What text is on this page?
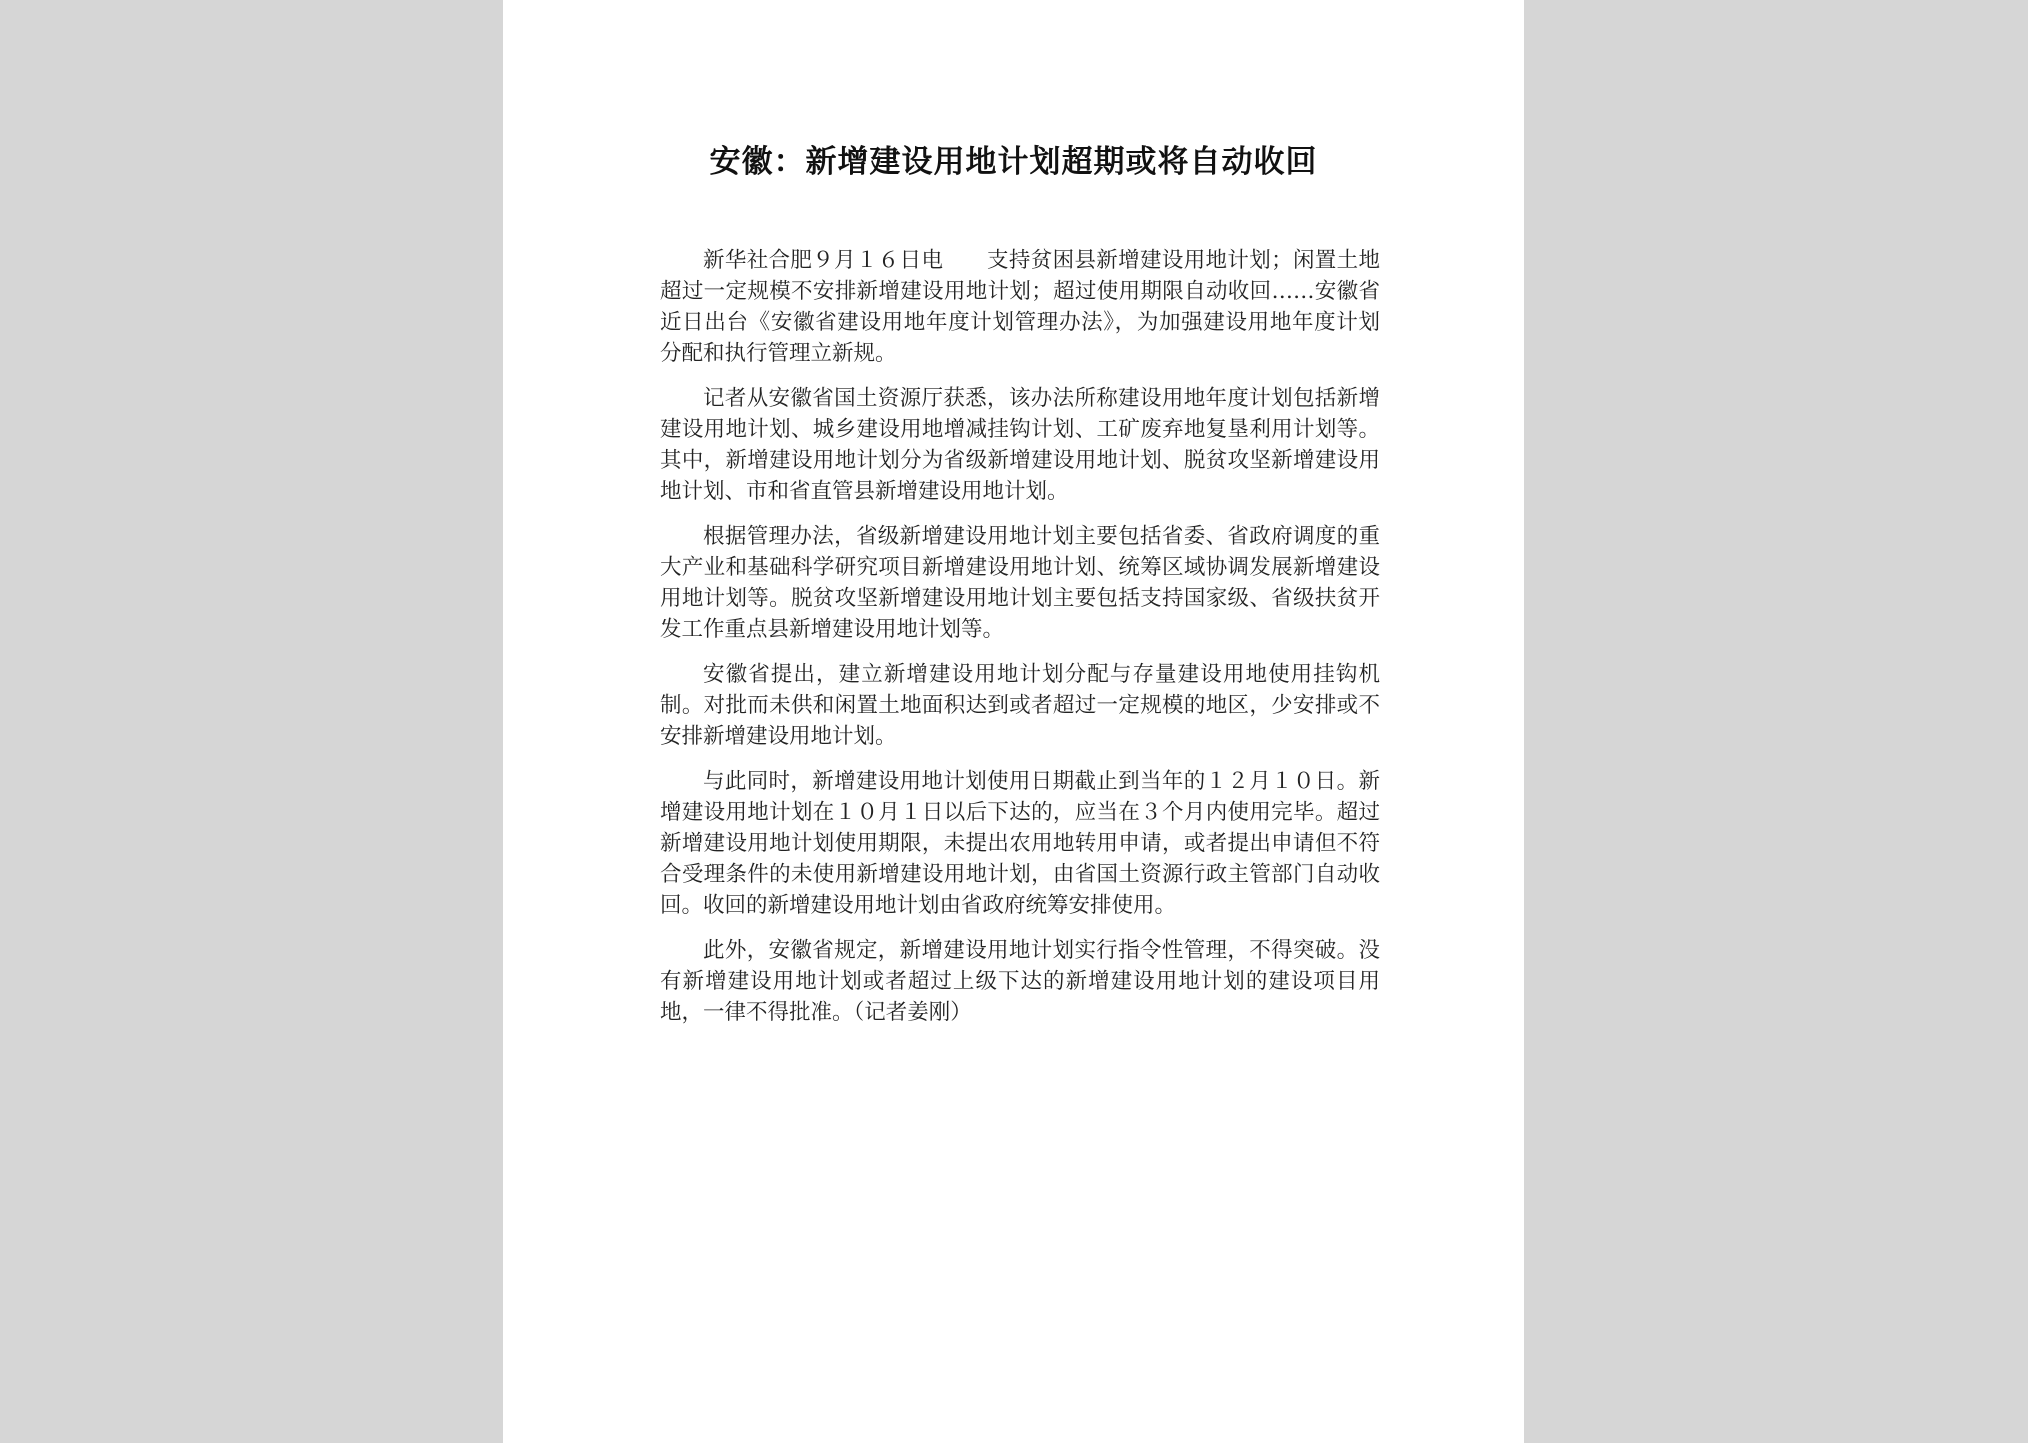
安徽：新增建设用地计划超期或将自动收回

新华社合肥９月１６日电　　支持贫困县新增建设用地计划；闲置土地超过一定规模不安排新增建设用地计划；超过使用期限自动收回……安徽省近日出台《安徽省建设用地年度计划管理办法》，为加强建设用地年度计划分配和执行管理立新规。

记者从安徽省国土资源厅获悉，该办法所称建设用地年度计划包括新增建设用地计划、城乡建设用地增减挂钩计划、工矿废弃地复垦利用计划等。其中，新增建设用地计划分为省级新增建设用地计划、脱贫攻坚新增建设用地计划、市和省直管县新增建设用地计划。

根据管理办法，省级新增建设用地计划主要包括省委、省政府调度的重大产业和基础科学研究项目新增建设用地计划、统筹区域协调发展新增建设用地计划等。脱贫攻坚新增建设用地计划主要包括支持国家级、省级扶贫开发工作重点县新增建设用地计划等。

安徽省提出，建立新增建设用地计划分配与存量建设用地使用挂钩机制。对批而未供和闲置土地面积达到或者超过一定规模的地区，少安排或不安排新增建设用地计划。

与此同时，新增建设用地计划使用日期截止到当年的１２月１０日。新增建设用地计划在１０月１日以后下达的，应当在３个月内使用完毕。超过新增建设用地计划使用期限，未提出农用地转用申请，或者提出申请但不符合受理条件的未使用新增建设用地计划，由省国土资源行政主管部门自动收回。收回的新增建设用地计划由省政府统筹安排使用。

此外，安徽省规定，新增建设用地计划实行指令性管理，不得突破。没有新增建设用地计划或者超过上级下达的新增建设用地计划的建设项目用地，一律不得批准。（记者姜刚）
